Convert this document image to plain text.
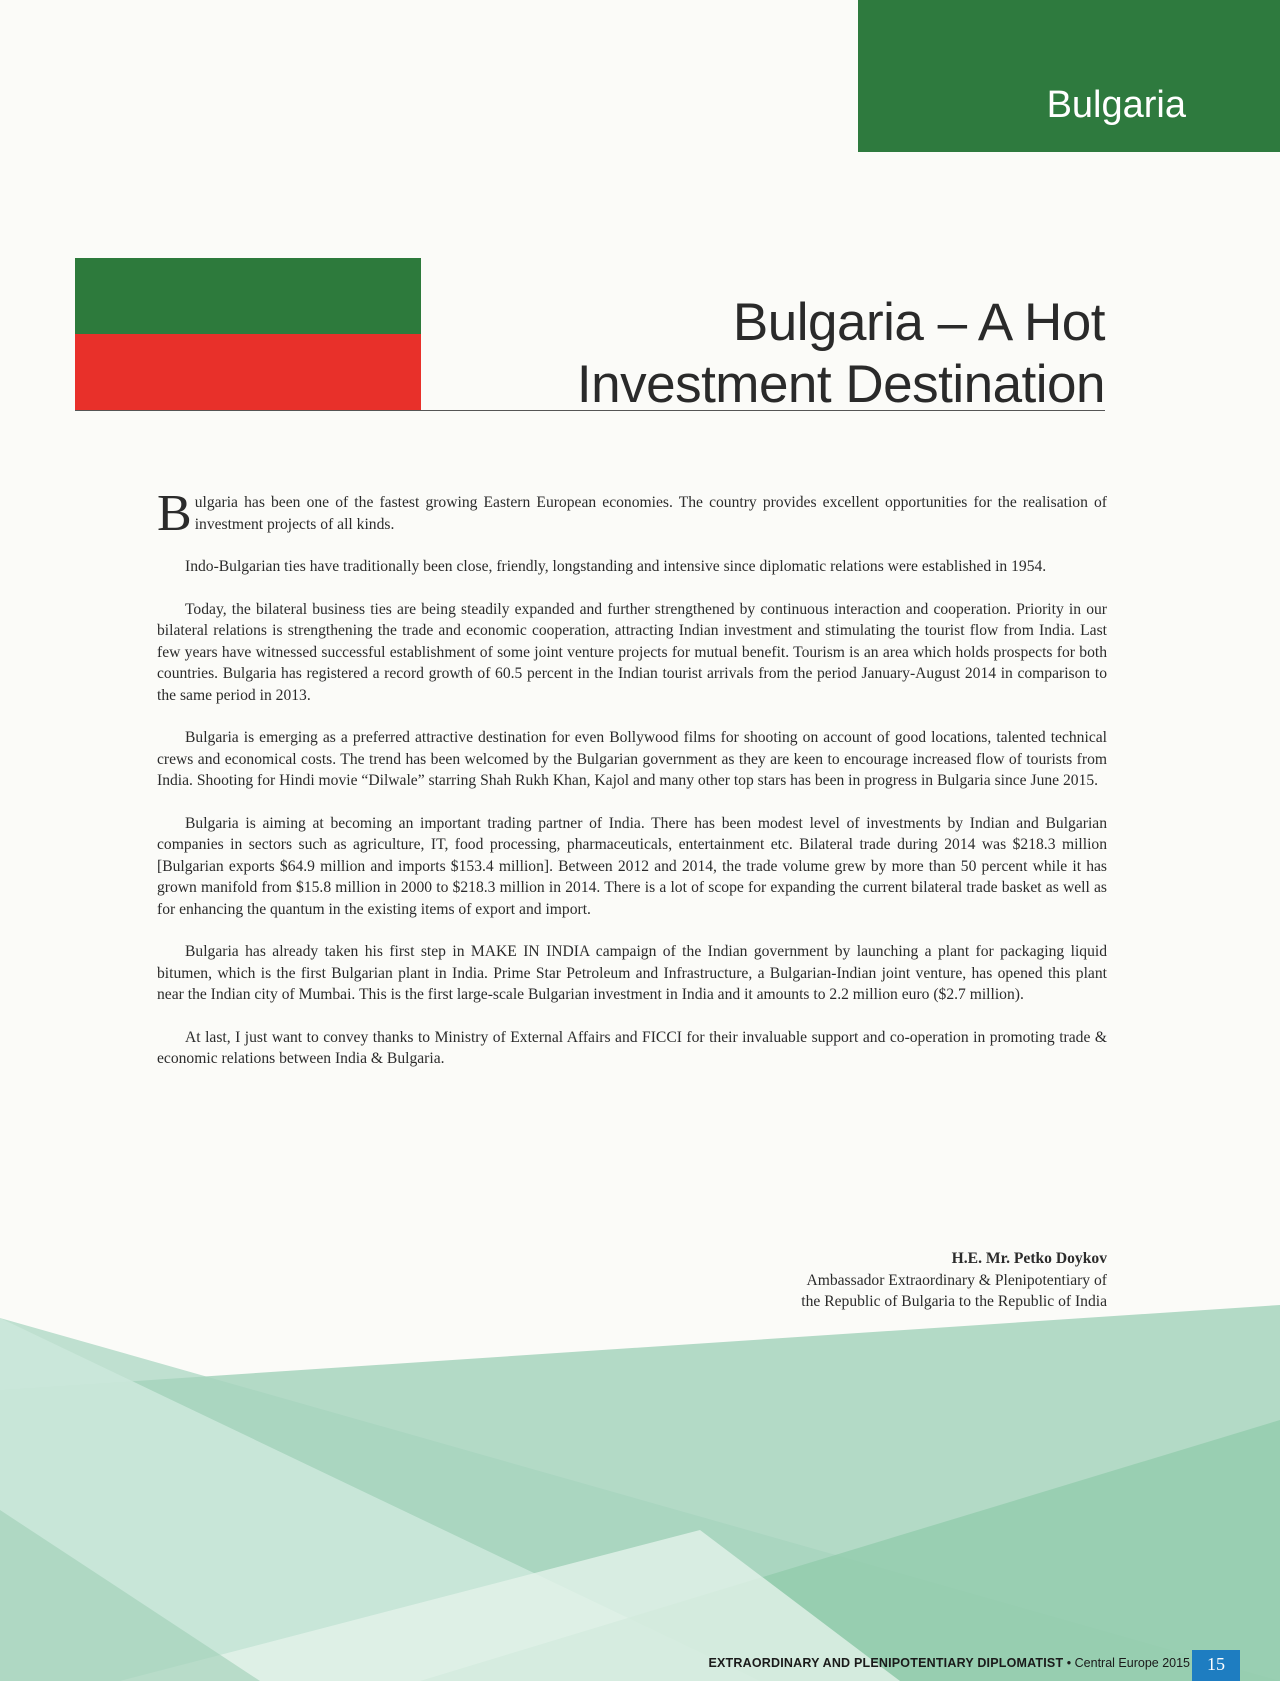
Bulgaria
Bulgaria – A Hot
Investment Destination

Bulgaria has been one of the fastest growing Eastern European economies. The country provides excellent opportunities for the realisation of investment projects of all kinds.

Indo-Bulgarian ties have traditionally been close, friendly, longstanding and intensive since diplomatic relations were established in 1954.

Today, the bilateral business ties are being steadily expanded and further strengthened by continuous interaction and cooperation. Priority in our bilateral relations is strengthening the trade and economic cooperation, attracting Indian investment and stimulating the tourist flow from India. Last few years have witnessed successful establishment of some joint venture projects for mutual benefit. Tourism is an area which holds prospects for both countries. Bulgaria has registered a record growth of 60.5 percent in the Indian tourist arrivals from the period January-August 2014 in comparison to the same period in 2013.

Bulgaria is emerging as a preferred attractive destination for even Bollywood films for shooting on account of good locations, talented technical crews and economical costs. The trend has been welcomed by the Bulgarian government as they are keen to encourage increased flow of tourists from India. Shooting for Hindi movie “Dilwale” starring Shah Rukh Khan, Kajol and many other top stars has been in progress in Bulgaria since June 2015.

Bulgaria is aiming at becoming an important trading partner of India. There has been modest level of investments by Indian and Bulgarian companies in sectors such as agriculture, IT, food processing, pharmaceuticals, entertainment etc. Bilateral trade during 2014 was $218.3 million [Bulgarian exports $64.9 million and imports $153.4 million]. Between 2012 and 2014, the trade volume grew by more than 50 percent while it has grown manifold from $15.8 million in 2000 to $218.3 million in 2014. There is a lot of scope for expanding the current bilateral trade basket as well as for enhancing the quantum in the existing items of export and import.

Bulgaria has already taken his first step in MAKE IN INDIA campaign of the Indian government by launching a plant for packaging liquid bitumen, which is the first Bulgarian plant in India. Prime Star Petroleum and Infrastructure, a Bulgarian-Indian joint venture, has opened this plant near the Indian city of Mumbai. This is the first large-scale Bulgarian investment in India and it amounts to 2.2 million euro ($2.7 million).

At last, I just want to convey thanks to Ministry of External Affairs and FICCI for their invaluable support and co-operation in promoting trade & economic relations between India & Bulgaria.

H.E. Mr. Petko Doykov
Ambassador Extraordinary & Plenipotentiary of
the Republic of Bulgaria to the Republic of India
EXTRAORDINARY AND PLENIPOTENTIARY DIPLOMATIST • Central Europe 2015 15
